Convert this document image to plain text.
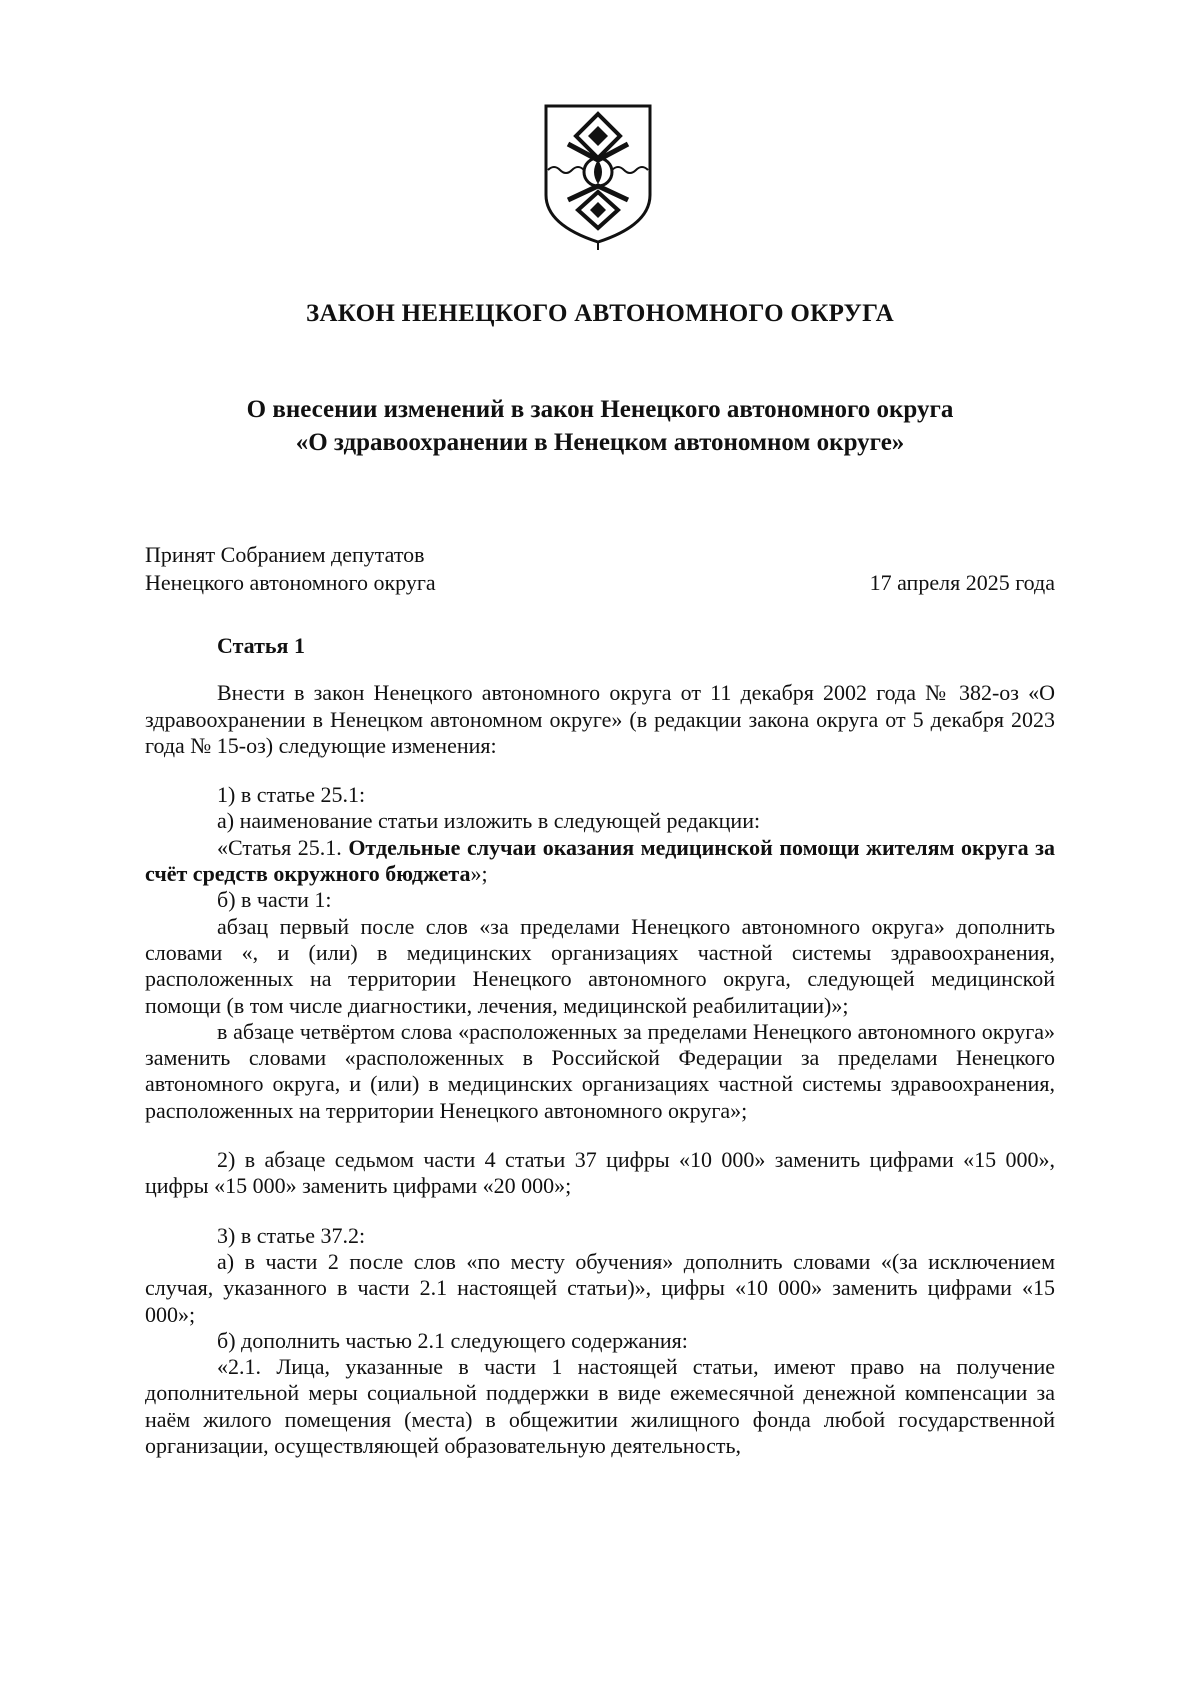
ЗАКОН НЕНЕЦКОГО АВТОНОМНОГО ОКРУГА
О внесении изменений в закон Ненецкого автономного округа
«О здравоохранении в Ненецком автономном округе»
Принят Собранием депутатов
Ненецкого автономного округа	17 апреля 2025 года

Статья 1

Внести в закон Ненецкого автономного округа от 11 декабря 2002 года № 382-оз «О здравоохранении в Ненецком автономном округе» (в редакции закона округа от 5 декабря 2023 года № 15-оз) следующие изменения:

1) в статье 25.1:

а) наименование статьи изложить в следующей редакции:

«Статья 25.1. Отдельные случаи оказания медицинской помощи жителям округа за счёт средств окружного бюджета»;

б) в части 1:

абзац первый после слов «за пределами Ненецкого автономного округа» дополнить словами «, и (или) в медицинских организациях частной системы здравоохранения, расположенных на территории Ненецкого автономного округа, следующей медицинской помощи (в том числе диагностики, лечения, медицинской реабилитации)»;

в абзаце четвёртом слова «расположенных за пределами Ненецкого автономного округа» заменить словами «расположенных в Российской Федерации за пределами Ненецкого автономного округа, и (или) в медицинских организациях частной системы здравоохранения, расположенных на территории Ненецкого автономного округа»;

2) в абзаце седьмом части 4 статьи 37 цифры «10 000» заменить цифрами «15 000», цифры «15 000» заменить цифрами «20 000»;

3) в статье 37.2:

а) в части 2 после слов «по месту обучения» дополнить словами «(за исключением случая, указанного в части 2.1 настоящей статьи)», цифры «10 000» заменить цифрами «15 000»;

б) дополнить частью 2.1 следующего содержания:

«2.1. Лица, указанные в части 1 настоящей статьи, имеют право на получение дополнительной меры социальной поддержки в виде ежемесячной денежной компенсации за наём жилого помещения (места) в общежитии жилищного фонда любой государственной организации, осуществляющей образовательную деятельность,
